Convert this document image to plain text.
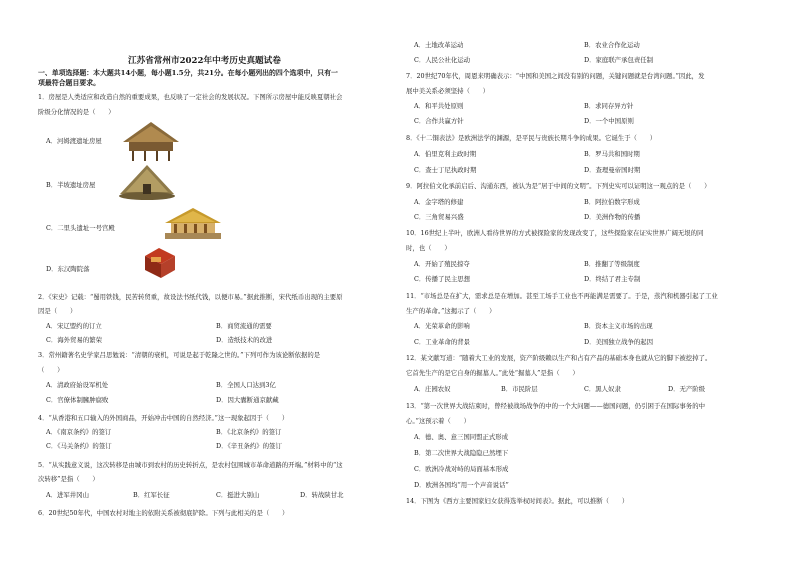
江苏省常州市2022年中考历史真题试卷
一、单项选择题：本大题共14小题，每小题1.5分，共21分。在每小题列出的四个选项中，只有一
项最符合题目要求。
1．房屋是人类适应和改造自然的重要成果，也反映了一定社会的发展状况。下图所示房屋中能反映夏朝社会
阶级分化情况的是（　　）
A．河姆渡遗址房屋
B．半坡遗址房屋
C．二里头遗址一号宫殿
D．东汉陶院落
2．《宋史》记载：“蜀用铁钱，民苦转贸重，故设法书纸代钱，以便市易。”据此推断，宋代纸币出现的主要原
因是（　　）
A．宋辽盟约的订立	B．商贸流通的需要
C．海外贸易的繁荣	D．造纸技术的改进
3．常州籍著名史学家吕思勉说：“清朝的衰机，可说是起于乾隆之世的。”下列可作为该论断依据的是
（　　）
A．清政府始设军机处	B．全国人口达到3亿
C．官僚体制臃肿腐败	D．因大囊断通京献藏
4．“从香港和五口输入的外国商品，开始冲击中国的自然经济。”这一现象起因于（　　）
A．《南京条约》的签订	B．《北京条约》的签订
C．《马关条约》的签订	D．《辛丑条约》的签订
5．“从实践意义说，这次转移是由城市到农村的历史转折点，是农村包围城市革命道路的开端。”材料中的“这
次转移”是指（　　）
A．进军井冈山	B．红军长征	C．挺进大别山	D．转战陕甘北
6．20世纪50年代，中国农村对地主的依附关系被彻底铲除。下列与此相关的是（　　）
A．土地改革运动	B．农业合作化运动
C．人民公社化运动	D．家庭联产承包责任制
7．20世纪70年代，周恩来明确表示：“中国和美国之间没有别的问题，关键问题就是台湾问题。”因此，发
展中美关系必须坚持（　　）
A．和平共处原则	B．求同存异方针
C．合作共赢方针	D．一个中国原则
8．《十二铜表法》是欧洲法学的渊源，是平民与贵族长期斗争的成果。它诞生于（　　）
A．伯里克利主政时期	B．罗马共和国时期
C．查士丁尼执政时期	D．查理曼帝国时期
9．阿拉伯文化承前启后、沟通东西，被认为是“居于中间的文明”。下列史实可以证明这一观点的是（　　）
A．金字塔的修建	B．阿拉伯数字形成
C．三角贸易兴盛	D．美洲作物的传播
10．16世纪上半叶，欧洲人看待世界的方式被探险家的发现改变了，这些探险家在证实世界广阔无垠的同
时，也（　　）
A．开始了殖民掠夺	B．推翻了等级制度
C．传播了民主思想	D．终结了君主专制
11．“市场总是在扩大，需求总是在增加。甚至工场手工业也不再能满足需要了。于是，蒸汽和机器引起了工业
生产的革命。”这揭示了（　　）
A．光荣革命的影响	B．资本主义市场的出现
C．工业革命的背景	D．美国独立战争的起因
12．某文献写道：“随着大工业的发展，资产阶级赖以生产和占有产品的基础本身也就从它的脚下被挖掉了。
它首先生产的是它自身的掘墓人。”此处“掘墓人”是指（　　）
A．庄园农奴	B．市民阶层	C．黑人奴隶	D．无产阶级
13．“第一次世界大战结束时，曾经被战场战争的中的一个大问题——德国问题，仍引困于在国际事务的中
心。”这预示着（　　）
A．德、奥、意三国同盟正式形成
B．第二次世界大战隐隐已然埋下
C．欧洲冷战对峙的局面基本形成
D．欧洲各国均“用一个声音说话”
14．下图为《西方主要国家妇女获得选举权时间表》。据此，可以推断（　　）
